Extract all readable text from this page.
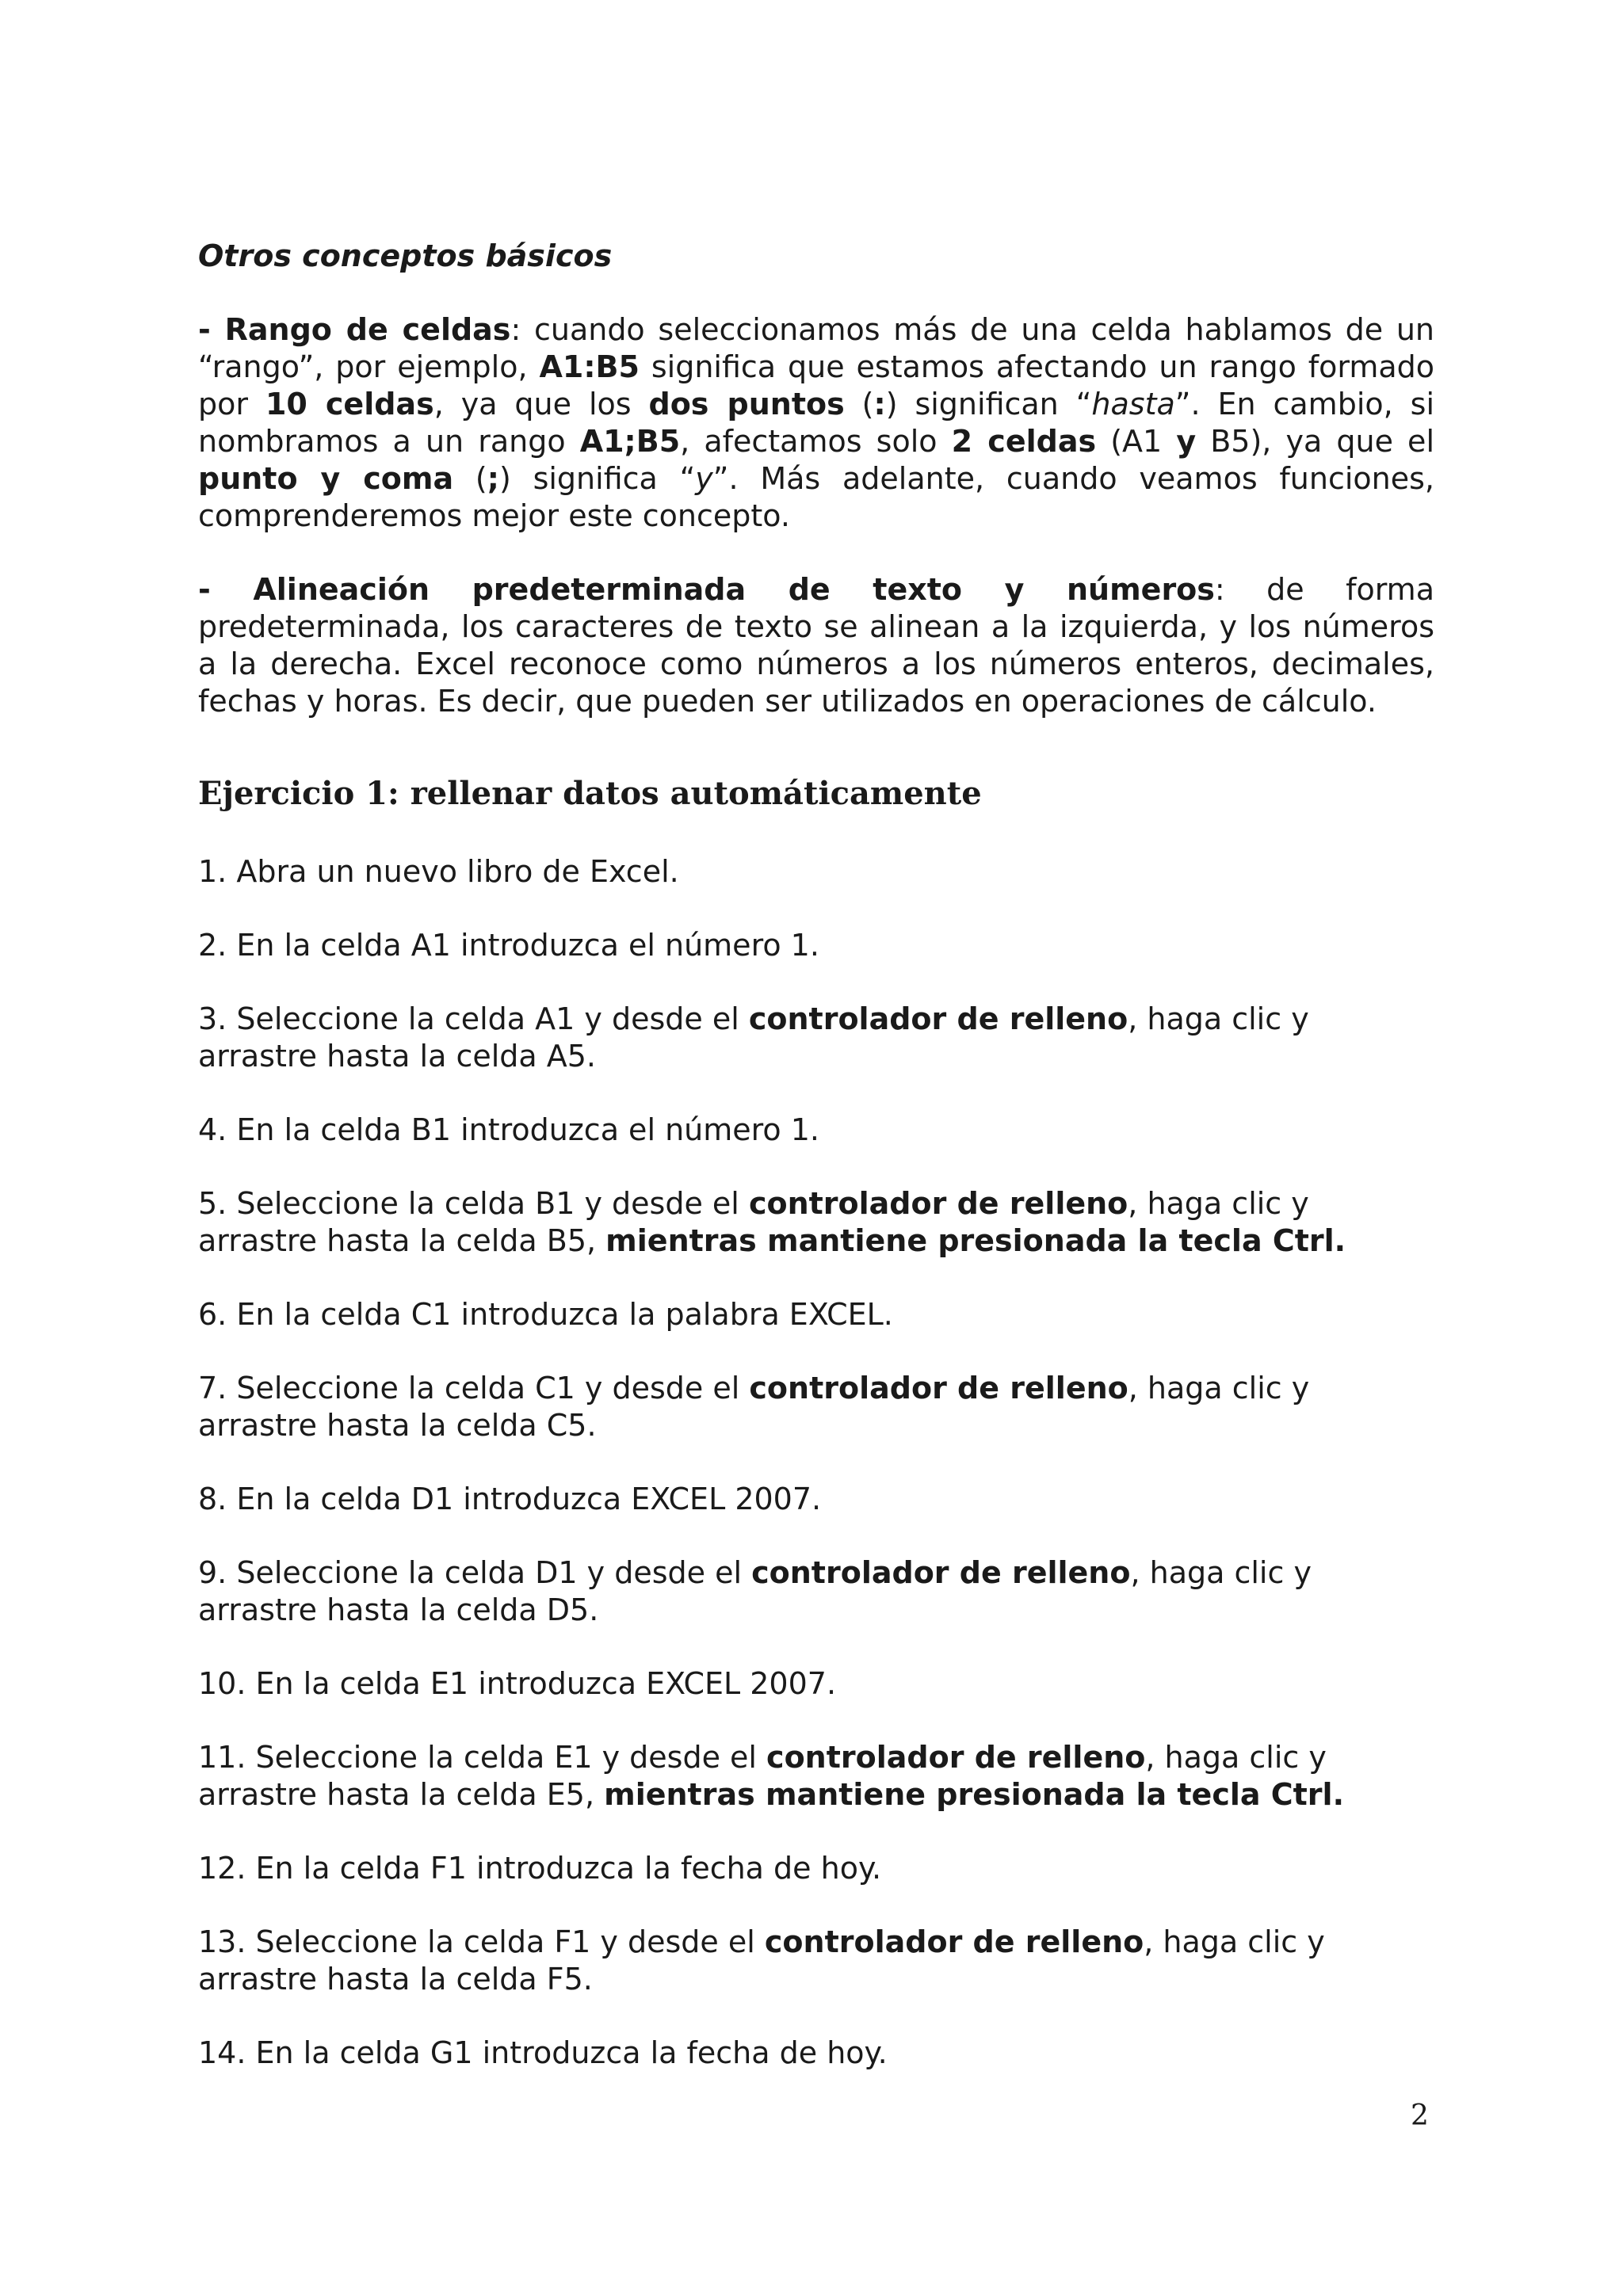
Otros conceptos básicos

- Rango de celdas: cuando seleccionamos más de una celda hablamos de un “rango”, por ejemplo, A1:B5 significa que estamos afectando un rango formado por 10 celdas, ya que los dos puntos (:) significan “hasta”. En cambio, si nombramos a un rango A1;B5, afectamos solo 2 celdas (A1 y B5), ya que el punto y coma (;) significa “y”. Más adelante, cuando veamos funciones, comprenderemos mejor este concepto.

- Alineación predeterminada de texto y números: de forma predeterminada, los caracteres de texto se alinean a la izquierda, y los números a la derecha. Excel reconoce como números a los números enteros, decimales, fechas y horas. Es decir, que pueden ser utilizados en operaciones de cálculo.

Ejercicio 1: rellenar datos automáticamente

1. Abra un nuevo libro de Excel.

2. En la celda A1 introduzca el número 1.

3. Seleccione la celda A1 y desde el controlador de relleno, haga clic y arrastre hasta la celda A5.

4. En la celda B1 introduzca el número 1.

5. Seleccione la celda B1 y desde el controlador de relleno, haga clic y arrastre hasta la celda B5, mientras mantiene presionada la tecla Ctrl.

6. En la celda C1 introduzca la palabra EXCEL.

7. Seleccione la celda C1 y desde el controlador de relleno, haga clic y arrastre hasta la celda C5.

8. En la celda D1 introduzca EXCEL 2007.

9. Seleccione la celda D1 y desde el controlador de relleno, haga clic y arrastre hasta la celda D5.

10. En la celda E1 introduzca EXCEL 2007.

11. Seleccione la celda E1 y desde el controlador de relleno, haga clic y arrastre hasta la celda E5, mientras mantiene presionada la tecla Ctrl.

12. En la celda F1 introduzca la fecha de hoy.

13. Seleccione la celda F1 y desde el controlador de relleno, haga clic y arrastre hasta la celda F5.

14. En la celda G1 introduzca la fecha de hoy.

2
